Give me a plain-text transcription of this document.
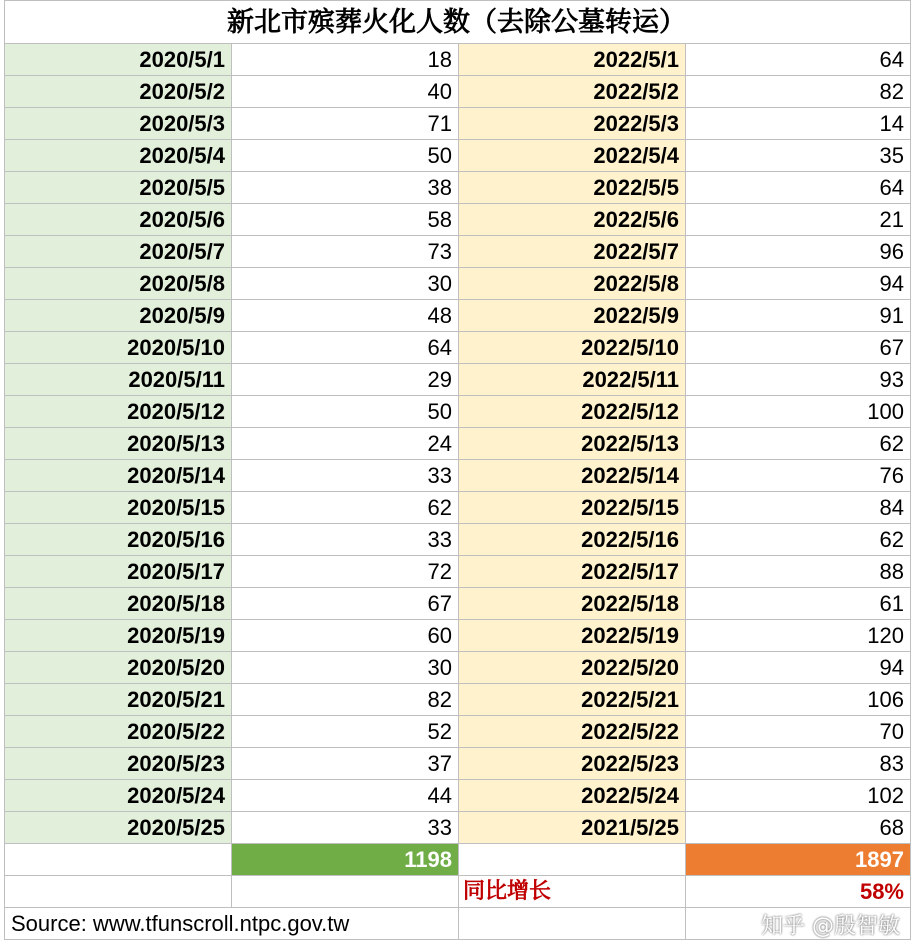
新北市殡葬火化人数（去除公墓转运）			
2020/5/1	18	2022/5/1	64
2020/5/2	40	2022/5/2	82
2020/5/3	71	2022/5/3	14
2020/5/4	50	2022/5/4	35
2020/5/5	38	2022/5/5	64
2020/5/6	58	2022/5/6	21
2020/5/7	73	2022/5/7	96
2020/5/8	30	2022/5/8	94
2020/5/9	48	2022/5/9	91
2020/5/10	64	2022/5/10	67
2020/5/11	29	2022/5/11	93
2020/5/12	50	2022/5/12	100
2020/5/13	24	2022/5/13	62
2020/5/14	33	2022/5/14	76
2020/5/15	62	2022/5/15	84
2020/5/16	33	2022/5/16	62
2020/5/17	72	2022/5/17	88
2020/5/18	67	2022/5/18	61
2020/5/19	60	2022/5/19	120
2020/5/20	30	2022/5/20	94
2020/5/21	82	2022/5/21	106
2020/5/22	52	2022/5/22	70
2020/5/23	37	2022/5/23	83
2020/5/24	44	2022/5/24	102
2020/5/25	33	2021/5/25	68
	1198		1897
		同比增长	58%
Source: www.tfunscroll.ntpc.gov.tw				知乎 @殷智敏
